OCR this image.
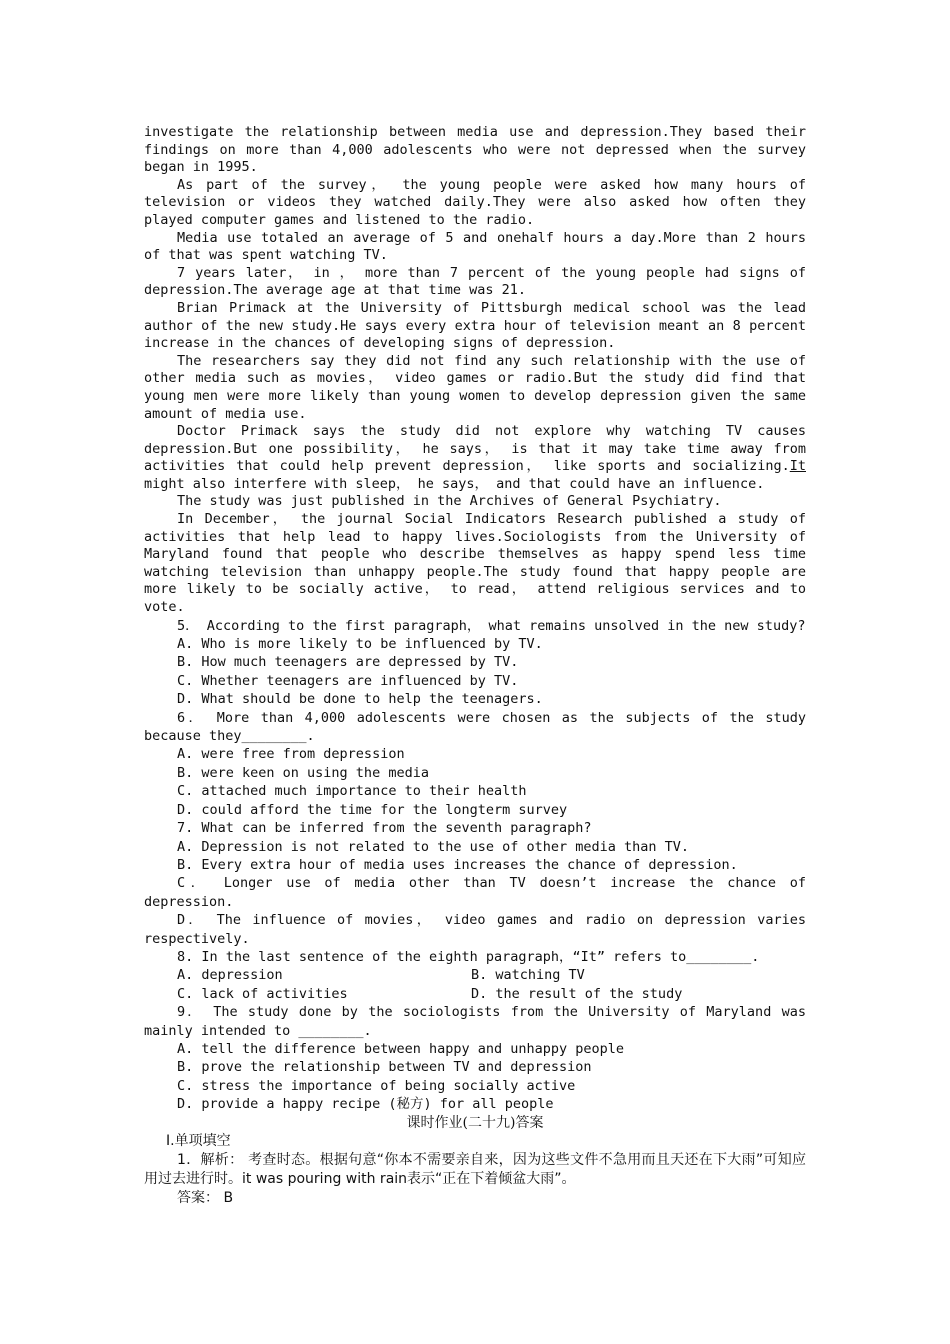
investigate the relationship between media use and depression.They based their findings on more than 4,000 adolescents who were not depressed when the survey began in 1995.

As part of the survey， the young people were asked how many hours of television or videos they watched daily.They were also asked how often they played computer games and listened to the radio.

Media use totaled an average of 5 and onehalf hours a day.More than 2 hours of that was spent watching TV.

7 years later， in ， more than 7 percent of the young people had signs of depression.The average age at that time was 21.

Brian Primack at the University of Pittsburgh medical school was the lead author of the new study.He says every extra hour of television meant an 8 percent increase in the chances of developing signs of depression.

The researchers say they did not find any such relationship with the use of other media such as movies， video games or radio.But the study did find that young men were more likely than young women to develop depression given the same amount of media use.

Doctor Primack says the study did not explore why watching TV causes depression.But one possibility， he says， is that it may take time away from activities that could help prevent depression， like sports and socializing.It might also interfere with sleep， he says， and that could have an influence.

The study was just published in the Archives of General Psychiatry.

In December， the journal Social Indicators Research published a study of activities that help lead to happy lives.Sociologists from the University of Maryland found that people who describe themselves as happy spend less time watching television than unhappy people.The study found that happy people are more likely to be socially active， to read， attend religious services and to vote.

5． According to the first paragraph， what remains unsolved in the new study?

A. Who is more likely to be influenced by TV.

B. How much teenagers are depressed by TV.

C. Whether teenagers are influenced by TV.

D. What should be done to help the teenagers.

6． More than 4,000 adolescents were chosen as the subjects of the study because they________.

A. were free from depression

B. were keen on using the media

C. attached much importance to their health

D. could afford the time for the longterm survey

7. What can be inferred from the seventh paragraph?

A. Depression is not related to the use of other media than TV.

B. Every extra hour of media uses increases the chance of depression.

C． Longer use of media other than TV doesn’t increase the chance of depression.

D． The influence of movies， video games and radio on depression varies respectively.

8. In the last sentence of the eighth paragraph，“It” refers to________.

A. depression	B. watching TV
C. lack of activities	D. the result of the study

9． The study done by the sociologists from the University of Maryland was mainly intended to ________.

A. tell the difference between happy and unhappy people

B. prove the relationship between TV and depression

C. stress the importance of being socially active

D. provide a happy recipe (秘方) for all people

课时作业(二十九)答案

Ⅰ.单项填空

1．解析： 考查时态。根据句意“你本不需要亲自来，因为这些文件不急用而且天还在下大雨”可知应用过去进行时。it was pouring with rain表示“正在下着倾盆大雨”。

答案： B
